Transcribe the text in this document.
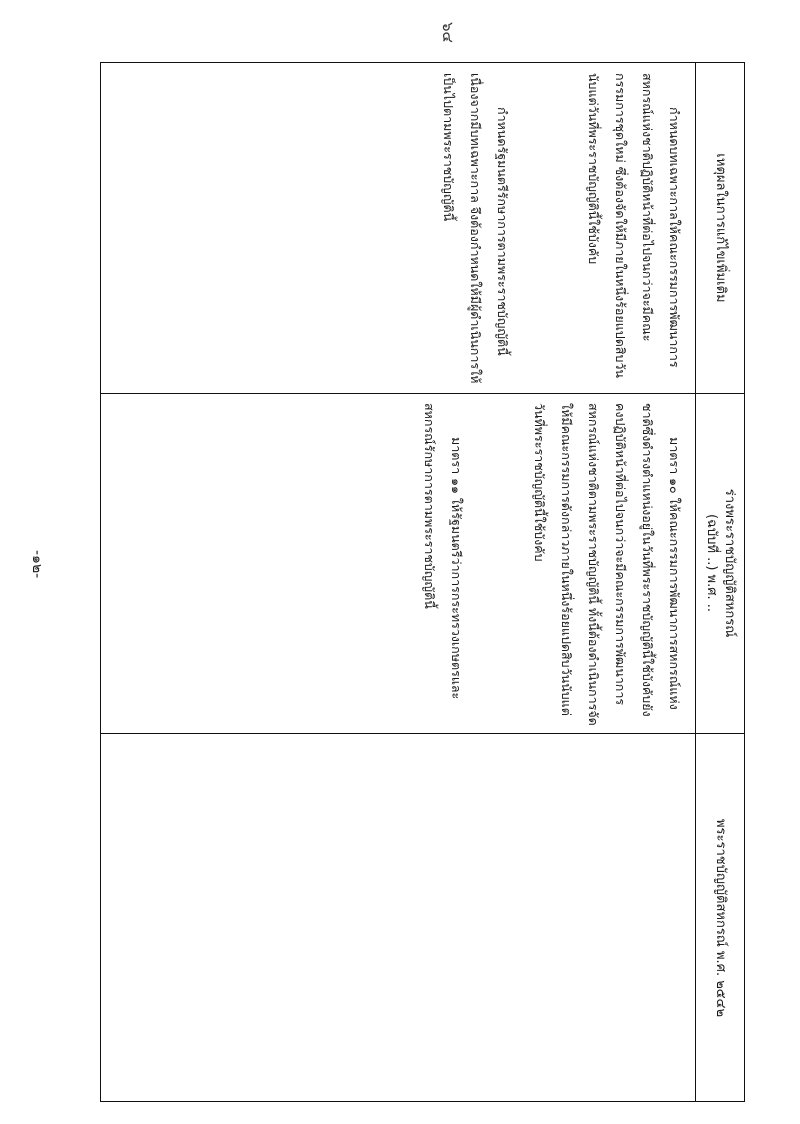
-๑๒-
๖๔
เหตุผลในการแก้ไขเพิ่มเติม
ร่างพระราชบัญญัติสหกรณ์
(ฉบับที่ ..) พ.ศ. ..
พระราชบัญญัติสหกรณ์ พ.ศ. ๒๕๔๒

กำหนดบทเฉพาะกาลให้คณะกรรมการพัฒนาการสหกรณ์แห่งชาติปฏิบัติหน้าที่ต่อไปจนกว่าจะมีคณะกรรมการชุดใหม่ ซึ่งต้องจัดให้มีภายในหนึ่งร้อยแปดสิบวันนับแต่วันที่พระราชบัญญัตินี้ใช้บังคับ

กำหนดรัฐมนตรีรักษาการตามพระราชบัญญัตินี้ เนื่องจากมีบทเฉพาะกาล จึงต้องกำหนดให้มีผู้ดำเนินการให้เป็นไปตามพระราชบัญญัตินี้

มาตรา ๑๐ ให้คณะกรรมการพัฒนาการสหกรณ์แห่งชาติซึ่งดำรงตำแหน่งอยู่ในวันที่พระราชบัญญัตินี้ใช้บังคับยังคงปฏิบัติหน้าที่ต่อไปจนกว่าจะมีคณะกรรมการพัฒนาการสหกรณ์แห่งชาติตามพระราชบัญญัตินี้ ทั้งนี้ต้องดำเนินการจัดให้มีคณะกรรมการดังกล่าวภายในหนึ่งร้อยแปดสิบวันนับแต่วันที่พระราชบัญญัตินี้ใช้บังคับ

มาตรา ๑๑ ให้รัฐมนตรีว่าการกระทรวงเกษตรและสหกรณ์รักษาการตามพระราชบัญญัตินี้
